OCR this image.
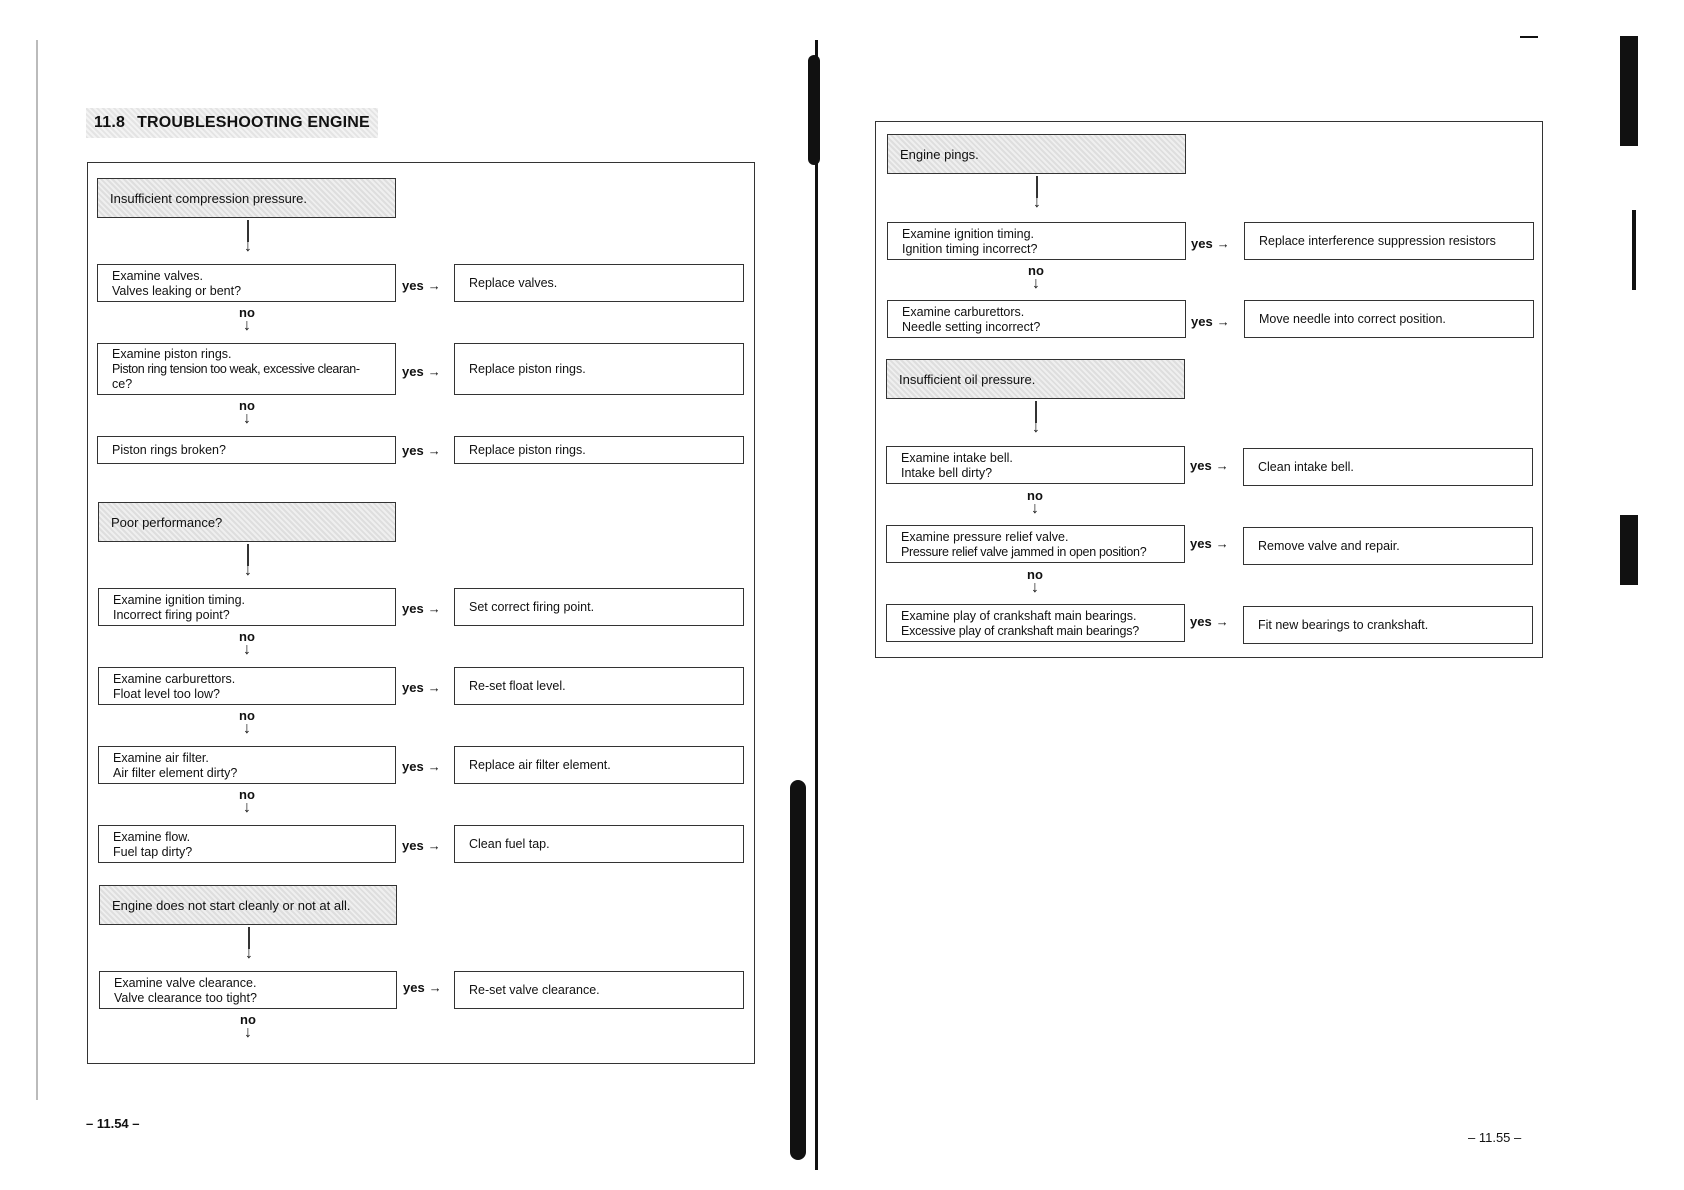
11.8 TROUBLESHOOTING ENGINE
Insufficient compression pressure.
↓
Examine valves.
Valves leaking or bent?	yes → Replace valves.
no
↓
Examine piston rings.
Piston ring tension too weak, excessive clearan-
ce?
yes → Replace piston rings.
no
↓
Piston rings broken?	yes → Replace piston rings.
Poor performance?
↓
Examine ignition timing.
Incorrect firing point?	yes → Set correct firing point.
no
↓
Examine carburettors.
Float level too low?	yes → Re-set float level.
no
↓
Examine air filter.
Air filter element dirty?	yes → Replace air filter element.
no
↓
Examine flow.
Fuel tap dirty?	yes → Clean fuel tap.
Engine does not start cleanly or not at all.
↓
Examine valve clearance.
Valve clearance too tight?
yes → Re-set valve clearance.
no
↓
– 11.54 –
Engine pings.
↓
Examine ignition timing.
Ignition timing incorrect?	yes → Replace interference suppression resistors
no
↓
Examine carburettors.
Needle setting incorrect?	yes → Move needle into correct position.
Insufficient oil pressure.
↓
Examine intake bell.
Intake bell dirty?	yes → Clean intake bell.
no
↓
Examine pressure relief valve.
Pressure relief valve jammed in open position?
yes → Remove valve and repair.
no
↓
Examine play of crankshaft main bearings.
Excessive play of crankshaft main bearings?
yes → Fit new bearings to crankshaft.
– 11.55 –
